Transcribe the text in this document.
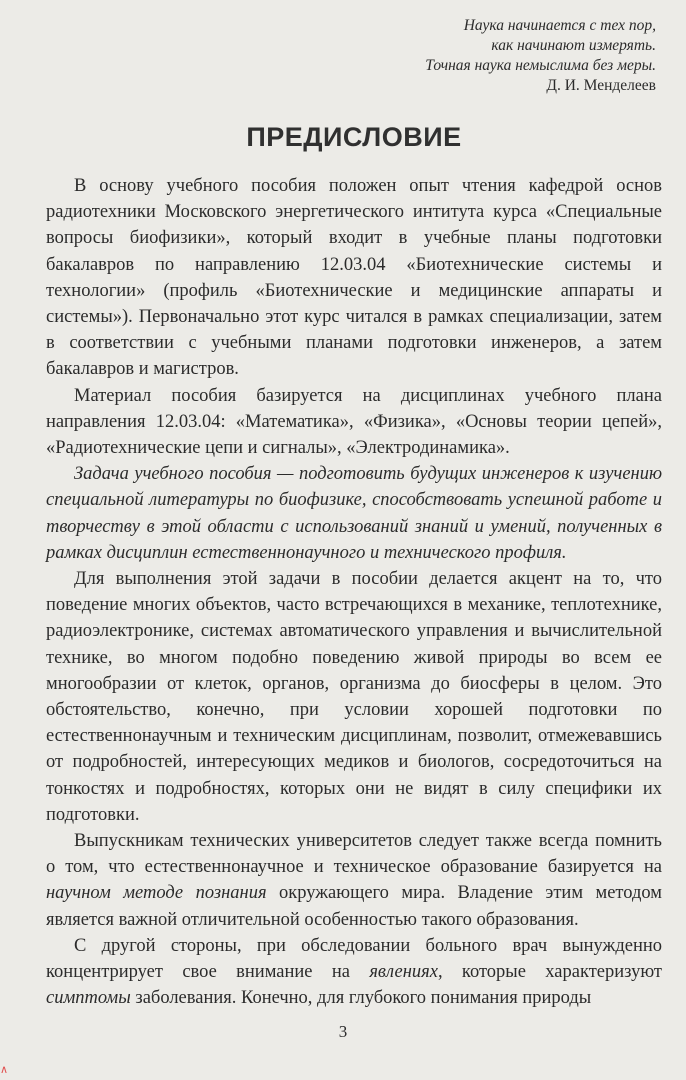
Наука начинается с тех пор,
как начинают измерять.
Точная наука немыслима без меры.
Д. И. Менделеев
ПРЕДИСЛОВИЕ

В основу учебного пособия положен опыт чтения кафедрой основ радиотехники Московского энергетического интитута курса «Специальные вопросы биофизики», который входит в учебные планы подготовки бакалавров по направлению 12.03.04 «Биотехнические системы и технологии» (профиль «Биотехнические и медицинские аппараты и системы»). Первоначально этот курс читался в рамках специализации, затем в соответствии с учебными планами подготовки инженеров, а затем бакалавров и магистров.

Материал пособия базируется на дисциплинах учебного плана направления 12.03.04: «Математика», «Физика», «Основы теории цепей», «Радиотехнические цепи и сигналы», «Электродинамика».

Задача учебного пособия — подготовить будущих инженеров к изучению специальной литературы по биофизике, способствовать успешной работе и творчеству в этой области с использований знаний и умений, полученных в рамках дисциплин естественнонаучного и технического профиля.

Для выполнения этой задачи в пособии делается акцент на то, что поведение многих объектов, часто встречающихся в механике, теплотехнике, радиоэлектронике, системах автоматического управления и вычислительной технике, во многом подобно поведению живой природы во всем ее многообразии от клеток, органов, организма до биосферы в целом. Это обстоятельство, конечно, при условии хорошей подготовки по естественнонаучным и техническим дисциплинам, позволит, отмежевавшись от подробностей, интересующих медиков и биологов, сосредоточиться на тонкостях и подробностях, которых они не видят в силу специфики их подготовки.

Выпускникам технических университетов следует также всегда помнить о том, что естественнонаучное и техническое образование базируется на научном методе познания окружающего мира. Владение этим методом является важной отличительной особенностью такого образования.

С другой стороны, при обследовании больного врач вынужденно концентрирует свое внимание на явлениях, которые характеризуют симптомы заболевания. Конечно, для глубокого понимания природы

3
∧
